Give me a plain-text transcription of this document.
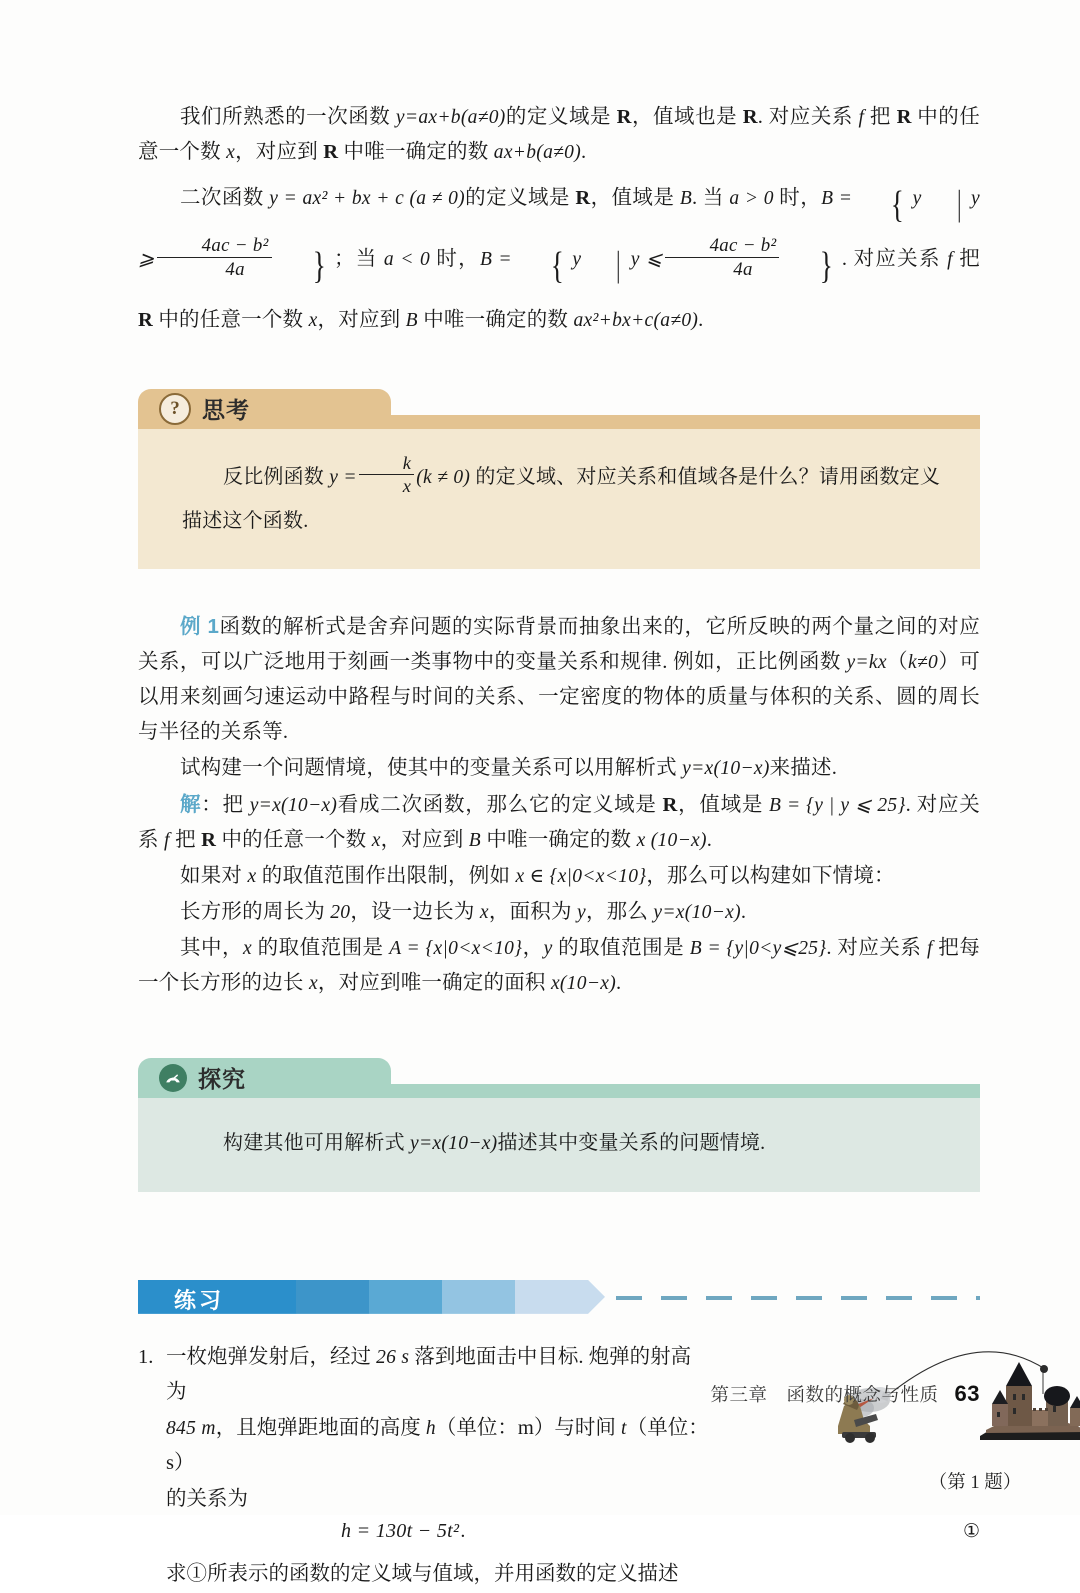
我们所熟悉的一次函数 y=ax+b(a≠0)的定义域是 R，值域也是 R. 对应关系 f 把 R 中的任意一个数 x，对应到 R 中唯一确定的数 ax+b(a≠0).

二次函数 y = ax² + bx + c (a ≠ 0)的定义域是 R，值域是 B. 当 a > 0 时，B = { y | y ⩾ $\frac{\text{4ac − b²}}{4a}$ } ；当 a < 0 时，B = { y | y ⩽ $\frac{\text{4ac − b²}}{4a}$ } . 对应关系 f 把 R 中的任意一个数 x，对应到 B 中唯一确定的数 ax²+bx+c(a≠0).

? 思考

反比例函数 $y = \frac{k}{x} (k \ne 0)$ 的定义域、对应关系和值域各是什么？请用函数定义

描述这个函数.

例 1函数的解析式是舍弃问题的实际背景而抽象出来的，它所反映的两个量之间的对应关系，可以广泛地用于刻画一类事物中的变量关系和规律. 例如，正比例函数 y=kx（k≠0）可以用来刻画匀速运动中路程与时间的关系、一定密度的物体的质量与体积的关系、圆的周长与半径的关系等.

试构建一个问题情境，使其中的变量关系可以用解析式 y=x(10−x)来描述.

解：把 y=x(10−x)看成二次函数，那么它的定义域是 R，值域是 B = {y | y ⩽ 25}. 对应关系 f 把 R 中的任意一个数 x，对应到 B 中唯一确定的数 x (10−x).

如果对 x 的取值范围作出限制，例如 x ∈ {x|0<x<10}，那么可以构建如下情境：

长方形的周长为 20，设一边长为 x，面积为 y，那么 y=x(10−x).

其中，x 的取值范围是 A = {x|0<x<10}，y 的取值范围是 B = {y|0<y⩽25}. 对应关系 f 把每一个长方形的边长 x，对应到唯一确定的面积 x(10−x).

探究

构建其他可用解析式 y=x(10−x)描述其中变量关系的问题情境.

练习
（第 1 题）
1. 一枚炮弹发射后，经过 26 s 落到地面击中目标. 炮弹的射高为
845 m，且炮弹距地面的高度 h（单位：m）与时间 t（单位：s）
的关系为
h = 130t − 5t².	①
求①所表示的函数的定义域与值域，并用函数的定义描述
第三章　函数的概念与性质 63
